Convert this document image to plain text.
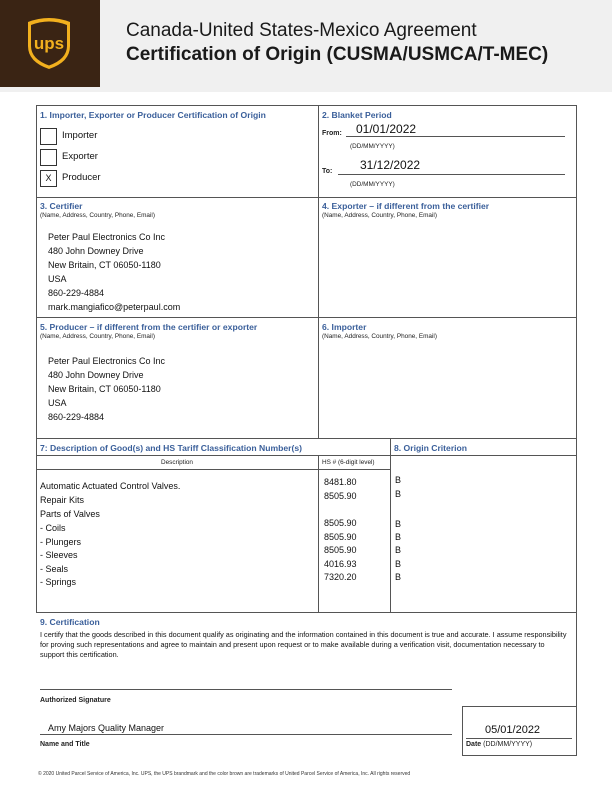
ups
Canada-United States-Mexico Agreement
Certification of Origin (CUSMA/USMCA/T-MEC)
1. Importer, Exporter or Producer Certification of Origin
Importer
Exporter
X	Producer
2. Blanket Period
From: 01/01/2022
(DD/MM/YYYY)
To: 31/12/2022
(DD/MM/YYYY)
3. Certifier
(Name, Address, Country, Phone, Email)
Peter Paul Electronics Co Inc
480 John Downey Drive
New Britain, CT 06050-1180
USA
860-229-4884
mark.mangiafico@peterpaul.com
4. Exporter – if different from the certifier
(Name, Address, Country, Phone, Email)
5. Producer – if different from the certifier or exporter
(Name, Address, Country, Phone, Email)
Peter Paul Electronics Co Inc
480 John Downey Drive
New Britain, CT 06050-1180
USA
860-229-4884
6. Importer
(Name, Address, Country, Phone, Email)
7: Description of Good(s) and HS Tariff Classification Number(s)
Description	HS # (6-digit level)
Automatic Actuated Control Valves.
Repair Kits
Parts of Valves
- Coils
- Plungers
- Sleeves
- Seals
- Springs
8481.80
8505.90
8505.90
8505.90
8505.90
4016.93
7320.20
8. Origin Criterion
B
B
B
B
B
B
B
9. Certification
I certify that the goods described in this document qualify as originating and the information contained in this document is true and accurate. I assume responsibility for proving such representations and agree to maintain and present upon request or to make available during a verification visit, documentation necessary to support this certification.
Authorized Signature
Amy Majors Quality Manager
Name and Title
05/01/2022
Date (DD/MM/YYYY)
© 2020 United Parcel Service of America, Inc. UPS, the UPS brandmark and the color brown are trademarks of United Parcel Service of America, Inc. All rights reserved
